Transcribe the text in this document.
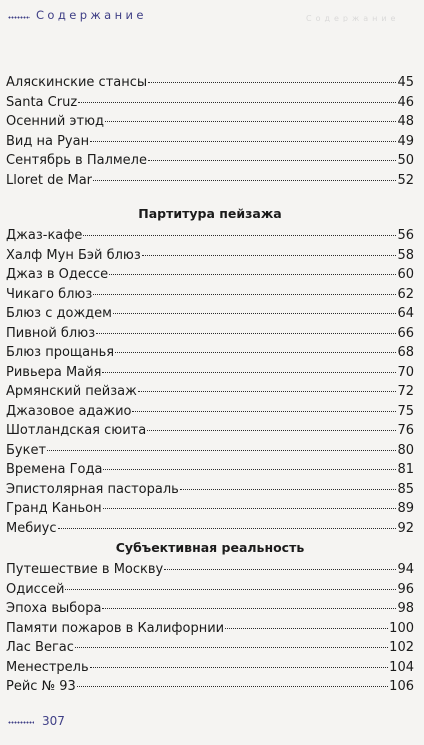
Содержание
Содержание
Аляскинские стансы	45
Santa Cruz	46
Осенний этюд	48
Вид на Руан	49
Сентябрь в Палмеле	50
Lloret de Mar	52
Партитура пейзажа
Джаз-кафе	56
Халф Мун Бэй блюз	58
Джаз в Одессе	60
Чикаго блюз	62
Блюз с дождем	64
Пивной блюз	66
Блюз прощанья	68
Ривьера Майя	70
Армянский пейзаж	72
Джазовое адажио	75
Шотландская сюита	76
Букет	80
Времена Года	81
Эпистолярная пастораль	85
Гранд Каньон	89
Мебиус	92
Субъективная реальность
Путешествие в Москву	94
Одиссей	96
Эпоха выбора	98
Памяти пожаров в Калифорнии	100
Лас Вегас	102
Менестрель	104
Рейс № 93	106
307
